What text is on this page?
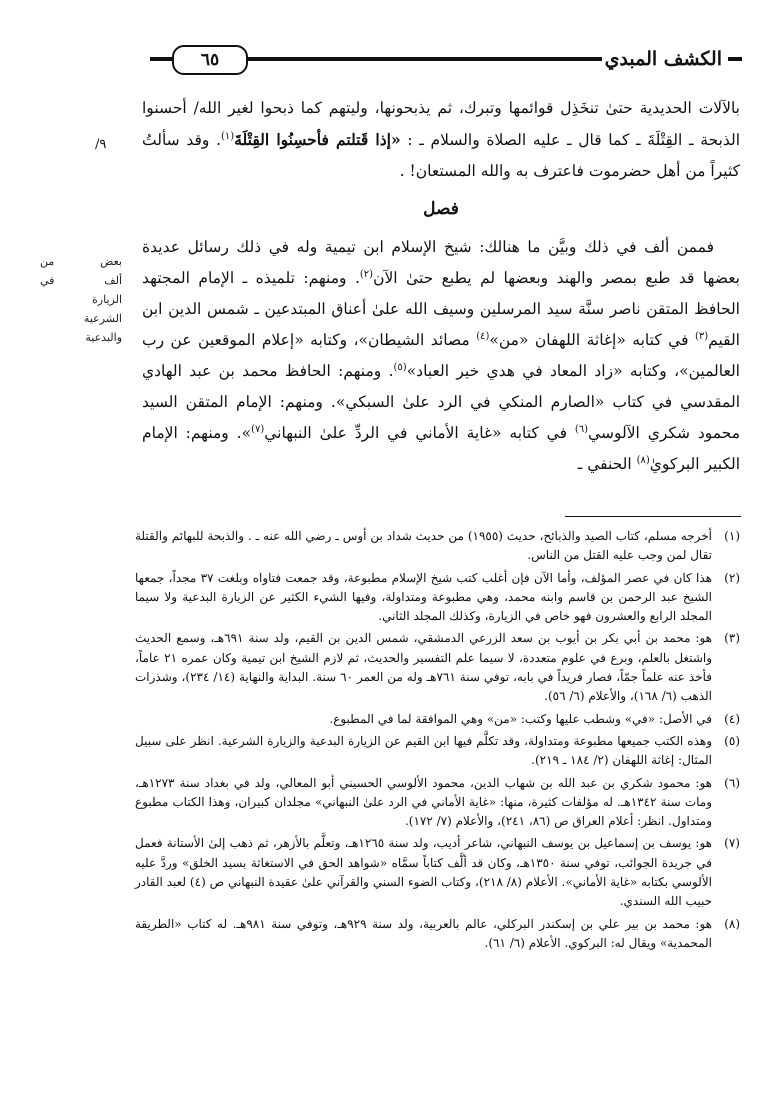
الكشف المبدي
٦٥

بالآلات الحديدية حتىٰ تنخَذِل قوائمها وتبرك، ثم يذبحونها، وليتهم كما ذبحوا لغير الله/ أحسنوا الذبحة ـ القِتْلَةَ ـ كما قال ـ عليه الصلاة والسلام ـ : «إذا قَتلتم فأحسِنُوا القِتْلَةَ$^{(١)}$. وقد سألتُ كثيراً من أهل حضرموت فاعترف به والله المستعان! .

٩/
فصل
بعض من
ألف في
الزيارة
الشرعية
والبدعية

فممن ألف في ذلك وبيَّن ما هنالك: شيخ الإسلام ابن تيمية وله في ذلك رسائل عديدة بعضها قد طبع بمصر والهند وبعضها لم يطبع حتىٰ الآن$^{(٢)}$. ومنهم: تلميذه ـ الإمام المجتهد الحافظ المتقن ناصر سنَّة سيد المرسلين وسيف الله علىٰ أعناق المبتدعين ـ شمس الدين ابن القيم$^{(٣)}$ في كتابه «إغاثة اللهفان «من»$^{(٤)}$ مصائد الشيطان»، وكتابه «إعلام الموقعين عن رب العالمين»، وكتابه «زاد المعاد في هدي خير العباد»$^{(٥)}$. ومنهم: الحافظ محمد بن عبد الهادي المقدسي في كتاب «الصارم المنكي في الرد علىٰ السبكي». ومنهم: الإمام المتقن السيد محمود شكري الآلوسي$^{(٦)}$ في كتابه «غاية الأماني في الردِّ علىٰ النبهاني$^{(٧)}$». ومنهم: الإمام الكبير البركويٰ$^{(٨)}$ الحنفي ـ

(١)أخرجه مسلم، كتاب الصيد والذبائح، حديث (١٩٥٥) من حديث شداد بن أوس ـ رضي الله عنه ـ . والذبحة للبهائم والقتلة تقال لمن وجب عليه القتل من الناس.

(٢)هذا كان في عصر المؤلف، وأما الآن فإن أغلب كتب شيخ الإسلام مطبوعة، وقد جمعت فتاواه وبلغت ٣٧ مجداً، جمعها الشيخ عبد الرحمن بن قاسم وابنه محمد، وهي مطبوعة ومتداولة، وفيها الشيء الكثير عن الزيارة البدعية ولا سيما المجلد الرابع والعشرون فهو خاص في الزيارة، وكذلك المجلد الثاني.

(٣)هو: محمد بن أبي بكر بن أيوب بن سعد الزرعي الدمشقي، شمس الدين بن القيم، ولد سنة ٦٩١هـ، وسمع الحديث واشتغل بالعلم، وبرع في علوم متعددة، لا سيما علم التفسير والحديث، ثم لازم الشيخ ابن تيمية وكان عمره ٢١ عاماً، فأخذ عنه علماً جمّاً، فصار فريداً في بابه، توفي سنة ٧٦١هـ وله من العمر ٦٠ سنة. البداية والنهاية (١٤/ ٢٣٤)، وشذرات الذهب (٦/ ١٦٨)، والأعلام (٦/ ٥٦).

(٤)في الأصل: «في» وشطب عليها وكتب: «من» وهي الموافقة لما في المطبوع.

(٥)وهذه الكتب جميعها مطبوعة ومتداولة، وقد تكلَّم فيها ابن القيم عن الزيارة البدعية والزيارة الشرعية. انظر على سبيل المثال: إغاثة اللهفان (٢/ ١٨٤ ـ ٢١٩).

(٦)هو: محمود شكري بن عبد الله بن شهاب الدين، محمود الألوسي الحسيني أبو المعالي، ولد في بغداد سنة ١٢٧٣هـ، ومات سنة ١٣٤٢هـ. له مؤلفات كثيرة، منها: «غاية الأماني في الرد علىٰ النبهاني» مجلدان كبيران، وهذا الكتاب مطبوع ومتداول. انظر: أعلام العراق ص (٨٦، ٢٤١)، والأعلام (٧/ ١٧٢).

(٧)هو: يوسف بن إسماعيل بن يوسف النبهاني، شاعر أديب، ولد سنة ١٢٦٥هـ، وتعلَّم بالأزهر، ثم ذهب إلىٰ الأستانة فعمل في جريدة الجوائب، توفي سنة ١٣٥٠هـ، وكان قد ألَّف كتاباً سمَّاه «شواهد الحق في الاستغاثة بسيد الخلق» وردَّ عليه الألوسي بكتابه «غاية الأماني». الأعلام (٨/ ٢١٨)، وكتاب الضوء السني والقرآني علىٰ عقيدة النبهاني ص (٤) لعبد القادر حبيب الله السندي.

(٨)هو: محمد بن بير علي بن إسكندر البركلي، عالم بالعربية، ولد سنة ٩٢٩هـ، وتوفي سنة ٩٨١هـ. له كتاب «الطريقة المحمدية» ويقال له: البركوي. الأعلام (٦/ ٦١).
